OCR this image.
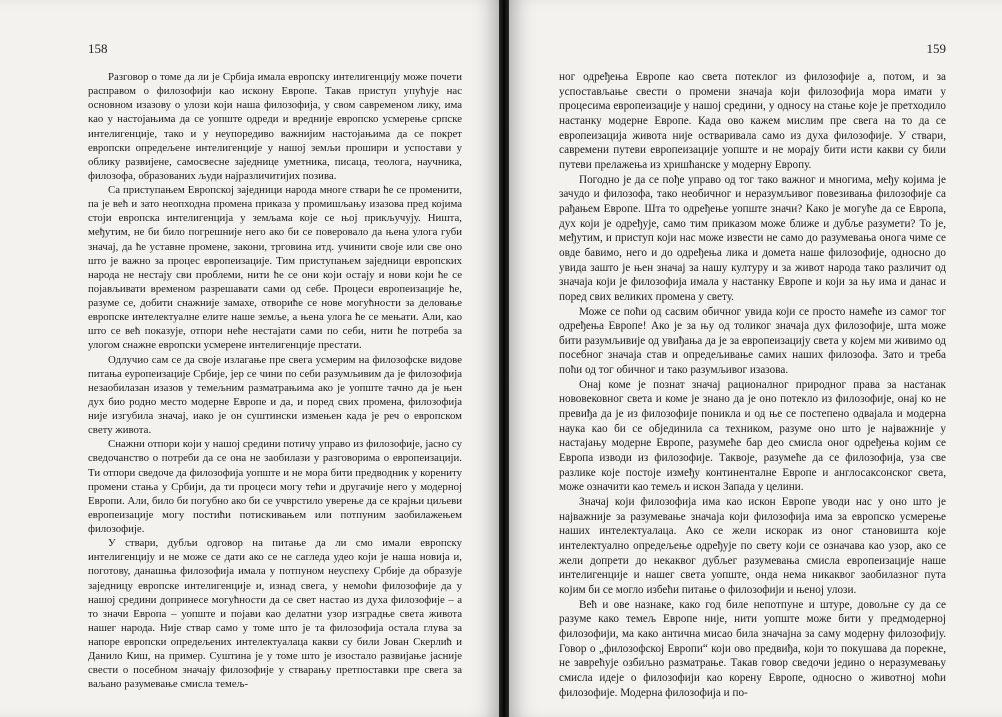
158

Разговор о томе да ли је Србија имала европску интелигенцију може почети расправом о филозофији као искону Европе. Такав приступ упућује нас основном изазову о улози који наша филозофија, у свом савременом лику, има као у настојањима да се уопште одреди и вредније европско усмерење српске интелигенције, тако и у неупоредиво важнијим настојањима да се покрет европски опредељене интелигенције у нашој земљи прошири и успостави у облику развијене, самосвесне заједнице уметника, писаца, теолога, научника, филозофа, образованих људи најразличитијих позива.

Са приступањем Европској заједници народа многе ствари ће се променити, па је већ и зато неопходна промена приказа у промишљању изазова пред којима стоји европска интелигенција у земљама које се њој прикључују. Ништа, међутим, не би било погрешније него ако би се поверовало да њена улога губи значај, да ће уставне промене, закони, трговина итд. учинити своје или све оно што је важно за процес европеизације. Тим приступањем заједници европских народа не нестају сви проблеми, нити ће се они који остају и нови који ће се појављивати временом разрешавати сами од себе. Процеси европеизације ће, разуме се, добити снажније замахе, отвориће се нове могућности за деловање европске интелектуалне елите наше земље, а њена улога ће се мењати. Али, као што се већ показује, отпори неће нестајати сами по себи, нити ће потреба за улогом снажне европски усмерене интелигенције престати.

Одлучио сам се да своје излагање пре свега усмерим на филозофске видове питања еуропеизације Србије, јер се чини по себи разумљивим да је филозофија незаобилазан изазов у темељним разматрањима ако је уопште тачно да је њен дух био родно место модерне Европе и да, и поред свих промена, филозофија није изгубила значај, иако је он суштински измењен када је реч о европском свету живота.

Снажни отпори који у нашој средини потичу управо из филозофије, јасно су сведочанство о потреби да се она не заобилази у разговорима о европеизацији. Ти отпори сведоче да филозофија уопште и не мора бити предводник у корениту промени стања у Србији, да ти процеси могу тећи и другачије него у модерној Европи. Али, било би погубно ако би се учврстило уверење да се крајњи циљеви европеизације могу постићи потискивањем или потпуним заобилажењем филозофије.

У ствари, дубљи одговор на питање да ли смо имали европску интелигенцију и не може се дати ако се не сагледа удео који је наша новија и, поготову, данашња филозофија имала у потпуном неуспеху Србије да образује заједницу европске интелигенције и, изнад свега, у немоћи филозофије да у нашој средини допринесе могућности да се свет настао из духа филозофије – а то значи Европа – уопште и појави као делатни узор изградње света живота нашег народа. Није ствар само у томе што је та филозофија остала глува за напоре европски опредељених интелектуалаца какви су били Јован Скерлић и Данило Киш, на пример. Суштина је у томе што је изостало развијање јасније свести о посебном значају филозофије у стварању претпоставки пре свега за ваљано разумевање смисла темељ-

159

ног одређења Европе као света потеклог из филозофије а, потом, и за успостављање свести о промени значаја који филозофија мора имати у процесима европеизације у нашој средини, у односу на стање које је претходило настанку модерне Европе. Када ово кажем мислим пре свега на то да се европеизација живота није остваривала само из духа филозофије. У ствари, савремени путеви европеизације уопште и не морају бити исти какви су били путеви прелажења из хришћанске у модерну Европу.

Погодно је да се пође управо од тог тако важног и многима, међу којима је зачудо и филозофа, тако необичног и неразумљивог повезивања филозофије са рађањем Европе. Шта то одређење уопште значи? Како је могуће да се Европа, дух који је одређује, само тим приказом може ближе и дубље разумети? То је, међутим, и приступ који нас може извести не само до разумевања онога чиме се овде бавимо, него и до одређења лика и домета наше филозофије, односно до увида зашто је њен значај за нашу културу и за живот народа тако различит од значаја који је филозофија имала у настанку Европе и који за њу има и данас и поред свих великих промена у свету.

Може се поћи од сасвим обичног увида који се просто намеће из самог тог одређења Европе! Ако је за њу од толиког значаја дух филозофије, шта може бити разумљивије од увиђања да је за европеизацију света у којем ми живимо од посебног значаја став и опредељивање самих наших филозофа. Зато и треба поћи од тог обичног и тако разумљивог изазова.

Онај коме је познат значај рационалног природног права за настанак нововековног света и коме је знано да је оно потекло из филозофије, онај ко не превиђа да је из филозофије поникла и од ње се постепено одвајала и модерна наука као би се објединила са техником, разуме оно што је најважније у настајању модерне Европе, разумеће бар део смисла оног одређења којим се Европа изводи из филозофије. Таквоје, разумеће да се филозофија, уза све разлике које постоје између континенталне Европе и англосаксонског света, може означити као темељ и искон Запада у целини.

Значај који филозофија има као искон Европе уводи нас у оно што је најважније за разумевање значаја који филозофија има за европско усмерење наших интелектуалаца. Ако се жели искорак из оног становишта које интелектуално опредељење одређује по свету који се означава као узор, ако се жели допрети до некаквог дубљег разумевања смисла европеизације наше интелигенције и нашег света уопште, онда нема никаквог заобилазног пута којим би се могло избећи питање о филозофији и њеној улози.

Већ и ове назнаке, како год биле непотпуне и штуре, довољне су да се разуме како темељ Европе није, нити уопште може бити у предмодерној филозофији, ма како антична мисао била значајна за саму модерну филозофију. Говор о „филозофској Европи“ који ово предвиђа, који то покушава да порекне, не заврећује озбиљно разматрање. Такав говор сведочи једино о неразумевању смисла идеје о филозофији као корену Европе, односно о животној моћи филозофије. Модерна филозофија и по-
